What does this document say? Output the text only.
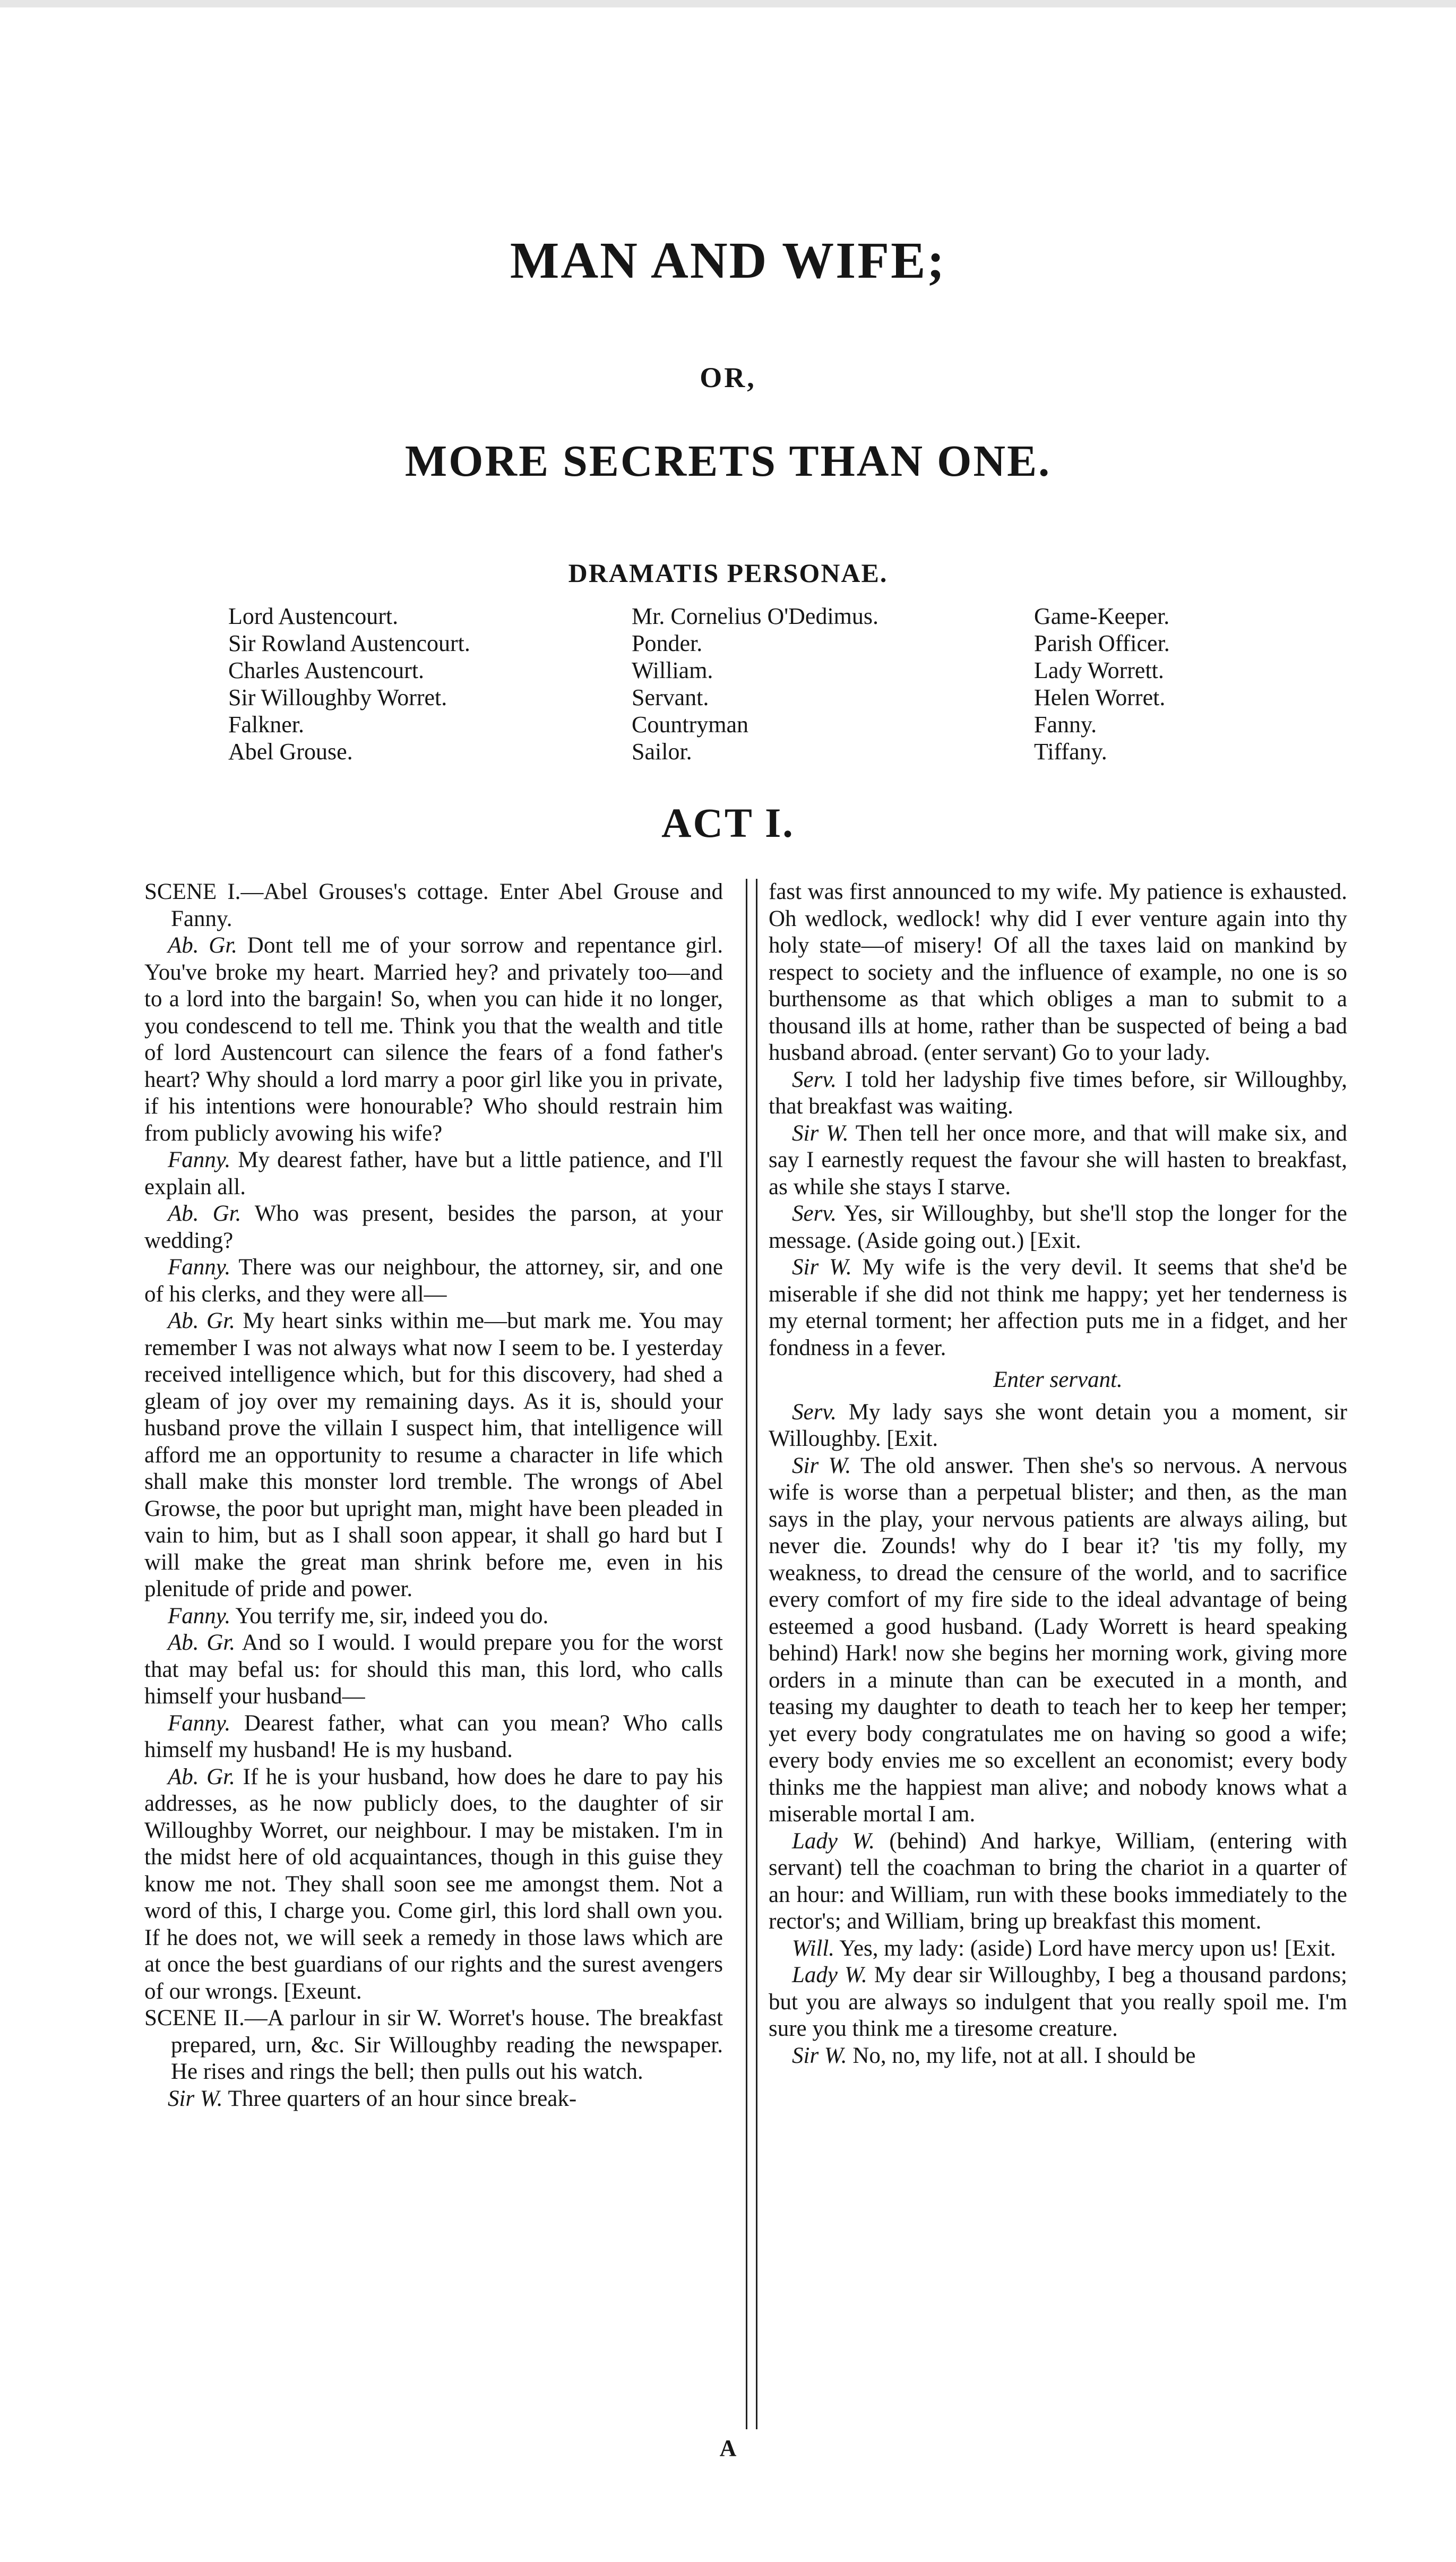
MAN AND WIFE;
OR,
MORE SECRETS THAN ONE.
DRAMATIS PERSONAE.
Lord Austencourt.
Sir Rowland Austencourt.
Charles Austencourt.
Sir Willoughby Worret.
Falkner.
Abel Grouse.
Mr. Cornelius O'Dedimus.
Ponder.
William.
Servant.
Countryman
Sailor.
Game-Keeper.
Parish Officer.
Lady Worrett.
Helen Worret.
Fanny.
Tiffany.
ACT I.

SCENE I.—Abel Grouses's cottage. Enter Abel Grouse and Fanny.

Ab. Gr. Dont tell me of your sorrow and repentance girl. You've broke my heart. Married hey? and privately too—and to a lord into the bargain! So, when you can hide it no longer, you condescend to tell me. Think you that the wealth and title of lord Austencourt can silence the fears of a fond father's heart? Why should a lord marry a poor girl like you in private, if his intentions were honourable? Who should restrain him from publicly avowing his wife?

Fanny. My dearest father, have but a little patience, and I'll explain all.

Ab. Gr. Who was present, besides the parson, at your wedding?

Fanny. There was our neighbour, the attorney, sir, and one of his clerks, and they were all—

Ab. Gr. My heart sinks within me—but mark me. You may remember I was not always what now I seem to be. I yesterday received intelligence which, but for this discovery, had shed a gleam of joy over my remaining days. As it is, should your husband prove the villain I suspect him, that intelligence will afford me an opportunity to resume a character in life which shall make this monster lord tremble. The wrongs of Abel Growse, the poor but upright man, might have been pleaded in vain to him, but as I shall soon appear, it shall go hard but I will make the great man shrink before me, even in his plenitude of pride and power.

Fanny. You terrify me, sir, indeed you do.

Ab. Gr. And so I would. I would prepare you for the worst that may befal us: for should this man, this lord, who calls himself your husband—

Fanny. Dearest father, what can you mean? Who calls himself my husband! He is my husband.

Ab. Gr. If he is your husband, how does he dare to pay his addresses, as he now publicly does, to the daughter of sir Willoughby Worret, our neighbour. I may be mistaken. I'm in the midst here of old acquaintances, though in this guise they know me not. They shall soon see me amongst them. Not a word of this, I charge you. Come girl, this lord shall own you. If he does not, we will seek a remedy in those laws which are at once the best guardians of our rights and the surest avengers of our wrongs. [Exeunt.

SCENE II.—A parlour in sir W. Worret's house. The breakfast prepared, urn, &c. Sir Willoughby reading the newspaper. He rises and rings the bell; then pulls out his watch.

Sir W. Three quarters of an hour since break-

fast was first announced to my wife. My patience is exhausted. Oh wedlock, wedlock! why did I ever venture again into thy holy state—of misery! Of all the taxes laid on mankind by respect to society and the influence of example, no one is so burthensome as that which obliges a man to submit to a thousand ills at home, rather than be suspected of being a bad husband abroad. (enter servant) Go to your lady.

Serv. I told her ladyship five times before, sir Willoughby, that breakfast was waiting.

Sir W. Then tell her once more, and that will make six, and say I earnestly request the favour she will hasten to breakfast, as while she stays I starve.

Serv. Yes, sir Willoughby, but she'll stop the longer for the message. (Aside going out.) [Exit.

Sir W. My wife is the very devil. It seems that she'd be miserable if she did not think me happy; yet her tenderness is my eternal torment; her affection puts me in a fidget, and her fondness in a fever.

Enter servant.

Serv. My lady says she wont detain you a moment, sir Willoughby. [Exit.

Sir W. The old answer. Then she's so nervous. A nervous wife is worse than a perpetual blister; and then, as the man says in the play, your nervous patients are always ailing, but never die. Zounds! why do I bear it? 'tis my folly, my weakness, to dread the censure of the world, and to sacrifice every comfort of my fire side to the ideal advantage of being esteemed a good husband. (Lady Worrett is heard speaking behind) Hark! now she begins her morning work, giving more orders in a minute than can be executed in a month, and teasing my daughter to death to teach her to keep her temper; yet every body congratulates me on having so good a wife; every body envies me so excellent an economist; every body thinks me the happiest man alive; and nobody knows what a miserable mortal I am.

Lady W. (behind) And harkye, William, (entering with servant) tell the coachman to bring the chariot in a quarter of an hour: and William, run with these books immediately to the rector's; and William, bring up breakfast this moment.

Will. Yes, my lady: (aside) Lord have mercy upon us! [Exit.

Lady W. My dear sir Willoughby, I beg a thousand pardons; but you are always so indulgent that you really spoil me. I'm sure you think me a tiresome creature.

Sir W. No, no, my life, not at all. I should be

A
